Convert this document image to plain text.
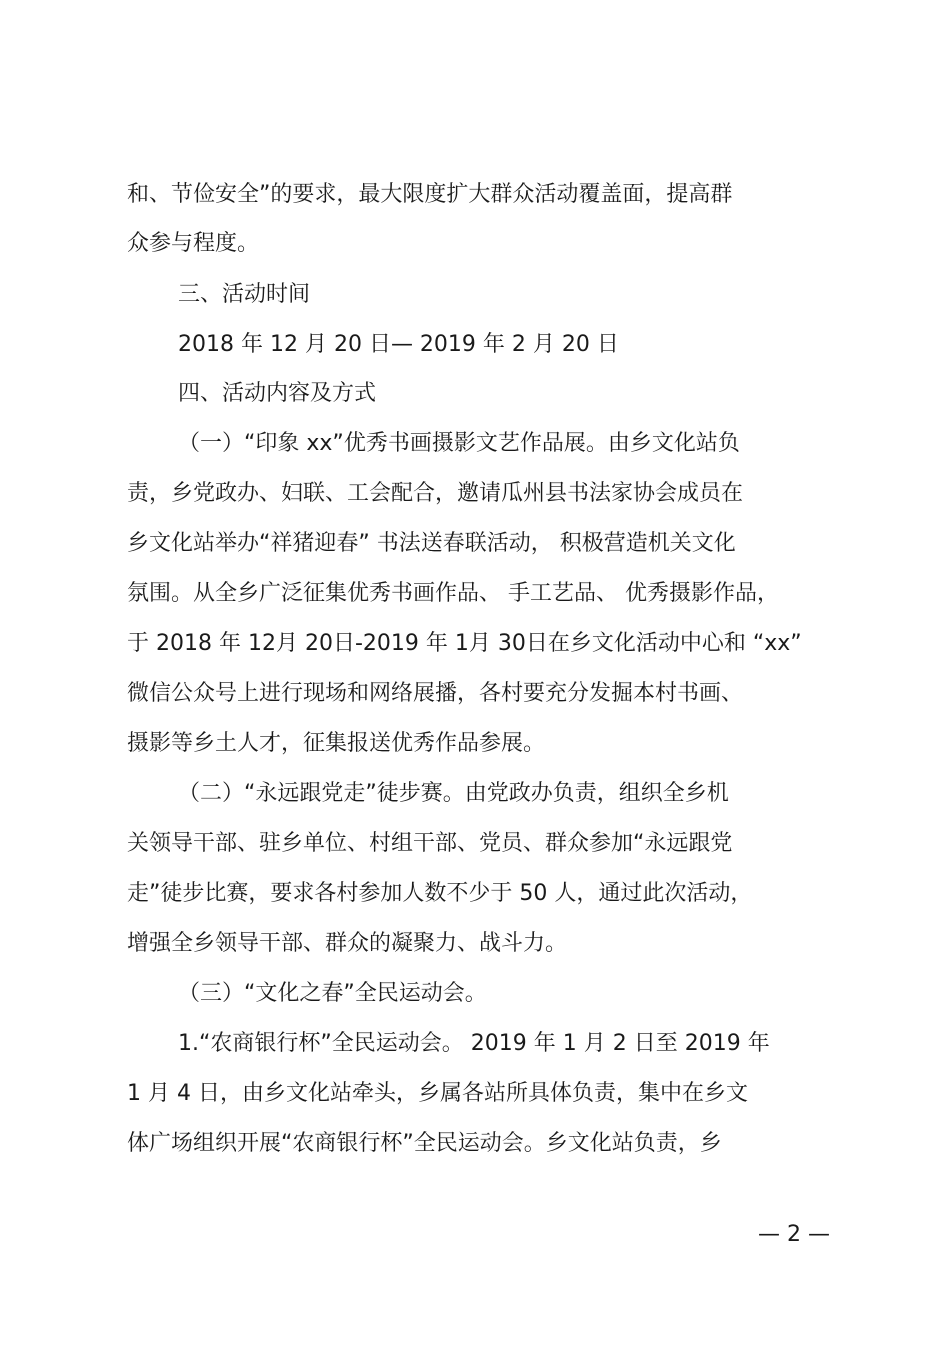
和、节俭安全”的要求，最大限度扩大群众活动覆盖面，提高群
众参与程度。
三、活动时间
2018 年 12 月 20 日— 2019 年 2 月 20 日
四、活动内容及方式
（一）“印象 xx”优秀书画摄影文艺作品展。由乡文化站负
责，乡党政办、妇联、工会配合，邀请瓜州县书法家协会成员在
乡文化站举办“祥猪迎春” 书法送春联活动， 积极营造机关文化
氛围。从全乡广泛征集优秀书画作品、 手工艺品、 优秀摄影作品，
于 2018 年 12月 20日-2019 年 1月 30日在乡文化活动中心和 “xx”
微信公众号上进行现场和网络展播，各村要充分发掘本村书画、
摄影等乡土人才，征集报送优秀作品参展。
（二）“永远跟党走”徒步赛。由党政办负责，组织全乡机
关领导干部、驻乡单位、村组干部、党员、群众参加“永远跟党
走”徒步比赛，要求各村参加人数不少于 50 人，通过此次活动，
增强全乡领导干部、群众的凝聚力、战斗力。
（三）“文化之春”全民运动会。
1.“农商银行杯”全民运动会。 2019 年 1 月 2 日至 2019 年
1 月 4 日，由乡文化站牵头，乡属各站所具体负责，集中在乡文
体广场组织开展“农商银行杯”全民运动会。乡文化站负责，乡
— 2 —
